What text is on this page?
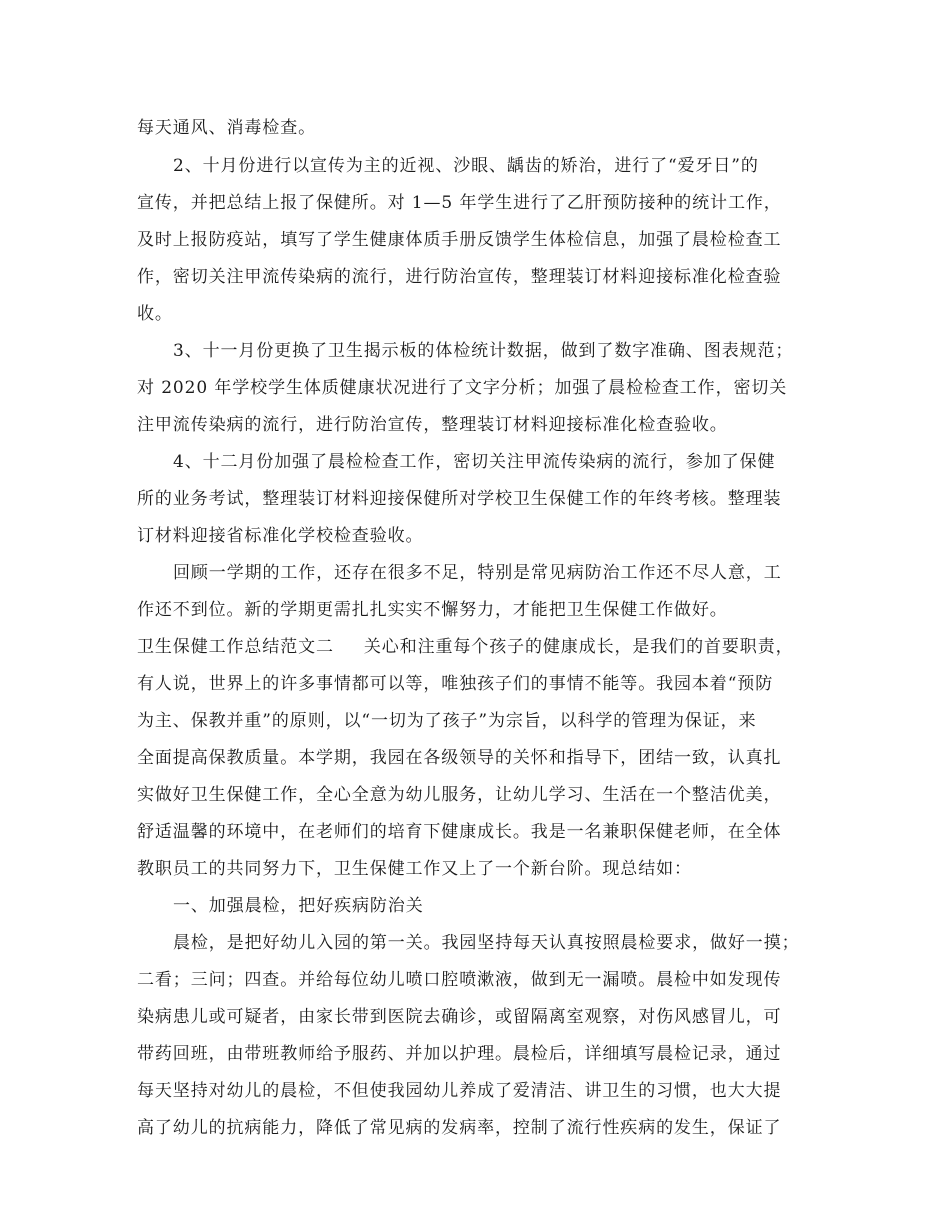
每天通风、消毒检查。
2、十月份进行以宣传为主的近视、沙眼、龋齿的矫治，进行了“爱牙日”的
宣传，并把总结上报了保健所。对 1—5 年学生进行了乙肝预防接种的统计工作，
及时上报防疫站，填写了学生健康体质手册反馈学生体检信息，加强了晨检检查工
作，密切关注甲流传染病的流行，进行防治宣传，整理装订材料迎接标准化检查验
收。
3、十一月份更换了卫生揭示板的体检统计数据，做到了数字准确、图表规范；
对 2020 年学校学生体质健康状况进行了文字分析；加强了晨检检查工作，密切关
注甲流传染病的流行，进行防治宣传，整理装订材料迎接标准化检查验收。
4、十二月份加强了晨检检查工作，密切关注甲流传染病的流行，参加了保健
所的业务考试，整理装订材料迎接保健所对学校卫生保健工作的年终考核。整理装
订材料迎接省标准化学校检查验收。
回顾一学期的工作，还存在很多不足，特别是常见病防治工作还不尽人意，工
作还不到位。新的学期更需扎扎实实不懈努力，才能把卫生保健工作做好。
卫生保健工作总结范文二 关心和注重每个孩子的健康成长，是我们的首要职责，
有人说，世界上的许多事情都可以等，唯独孩子们的事情不能等。我园本着“预防
为主、保教并重”的原则，以“一切为了孩子”为宗旨，以科学的管理为保证，来
全面提高保教质量。本学期，我园在各级领导的关怀和指导下，团结一致，认真扎
实做好卫生保健工作，全心全意为幼儿服务，让幼儿学习、生活在一个整洁优美，
舒适温馨的环境中，在老师们的培育下健康成长。我是一名兼职保健老师，在全体
教职员工的共同努力下，卫生保健工作又上了一个新台阶。现总结如：
一、加强晨检，把好疾病防治关
晨检，是把好幼儿入园的第一关。我园坚持每天认真按照晨检要求，做好一摸；
二看；三问；四查。并给每位幼儿喷口腔喷漱液，做到无一漏喷。晨检中如发现传
染病患儿或可疑者，由家长带到医院去确诊，或留隔离室观察，对伤风感冒儿，可
带药回班，由带班教师给予服药、并加以护理。晨检后，详细填写晨检记录，通过
每天坚持对幼儿的晨检，不但使我园幼儿养成了爱清洁、讲卫生的习惯，也大大提
高了幼儿的抗病能力，降低了常见病的发病率，控制了流行性疾病的发生，保证了
